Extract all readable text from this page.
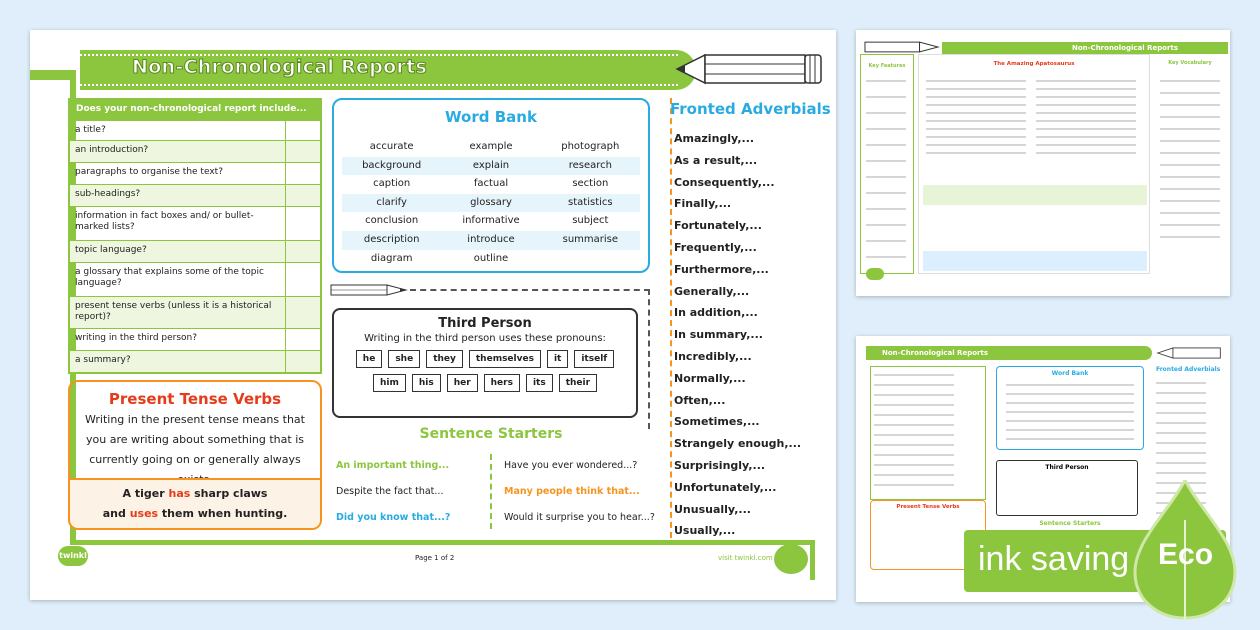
Non-Chronological Reports
Does your non-chronological report include...
a title?
an introduction?
paragraphs to organise the text?
sub-headings?
information in fact boxes and/ or bullet-marked lists?
topic language?
a glossary that explains some of the topic language?
present tense verbs (unless it is a historical report)?
writing in the third person?
a summary?
Present Tense Verbs
Writing in the present tense means that you are writing about something that is currently going on or generally always
A tiger has sharp claws
and uses them when hunting.
Word Bank
accurate	example	photograph
background	explain	research
caption	factual	section
clarify	glossary	statistics
conclusion	informative	subject
description	introduce	summarise
diagram	outline
Third Person
Writing in the third person uses these pronouns:
he	she	they	themselves	it	itself
him	his	her	hers	its	their
Sentence Starters
An important thing...
Despite the fact that...
Did you know that...?
Have you ever wondered...?
Many people think that...
Would it surprise you to hear...?
Fronted Adverbials
Amazingly,...
As a result,...
Consequently,...
Finally,...
Fortunately,...
Frequently,...
Furthermore,...
Generally,...
In addition,...
In summary,...
Incredibly,...
Normally,...
Often,...
Sometimes,...
Strangely enough,...
Surprisingly,...
Unfortunately,...
Unusually,...
Usually,...
twinkl	Page 1 of 2	visit twinkl.com
Non-Chronological Reports
Key Features	The Amazing Apatosaurus	Key Vocabulary
Non-Chronological Reports
Word Bank
Third Person
Sentence Starters
Present Tense Verbs
Fronted Adverbials
ink saving Eco
